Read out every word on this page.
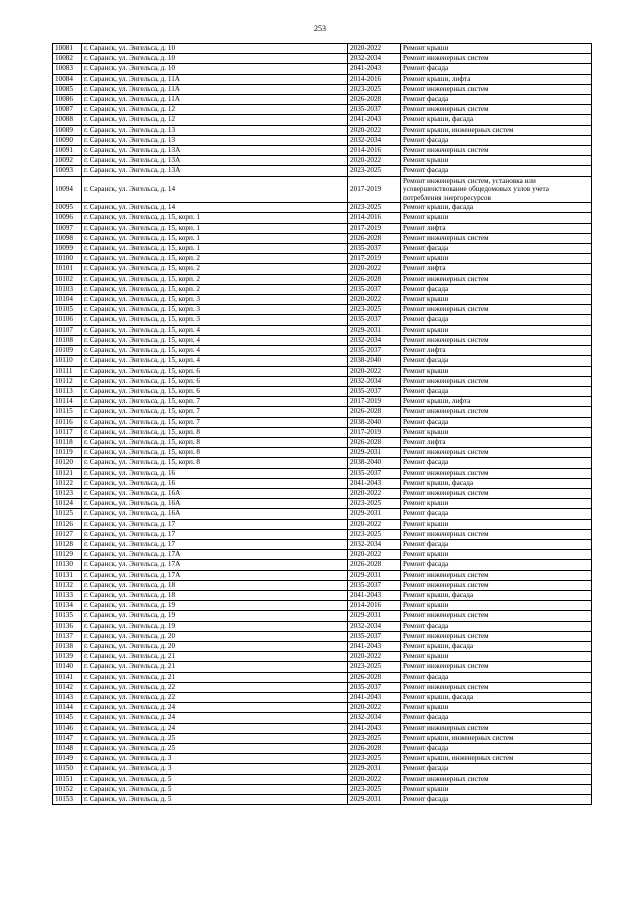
253
10081	г. Саранск, ул. Энгельса, д. 10	2020-2022	Ремонт крыши
10082	г. Саранск, ул. Энгельса, д. 10	2032-2034	Ремонт инженерных систем
10083	г. Саранск, ул. Энгельса, д. 10	2041-2043	Ремонт фасада
10084	г. Саранск, ул. Энгельса, д. 11А	2014-2016	Ремонт крыши, лифта
10085	г. Саранск, ул. Энгельса, д. 11А	2023-2025	Ремонт инженерных систем
10086	г. Саранск, ул. Энгельса, д. 11А	2026-2028	Ремонт фасада
10087	г. Саранск, ул. Энгельса, д. 12	2035-2037	Ремонт инженерных систем
10088	г. Саранск, ул. Энгельса, д. 12	2041-2043	Ремонт крыши, фасада
10089	г. Саранск, ул. Энгельса, д. 13	2020-2022	Ремонт крыши, инженерных систем
10090	г. Саранск, ул. Энгельса, д. 13	2032-2034	Ремонт фасада
10091	г. Саранск, ул. Энгельса, д. 13А	2014-2016	Ремонт инженерных систем
10092	г. Саранск, ул. Энгельса, д. 13А	2020-2022	Ремонт крыши
10093	г. Саранск, ул. Энгельса, д. 13А	2023-2025	Ремонт фасада
10094	г. Саранск, ул. Энгельса, д. 14	2017-2019	Ремонт инженерных систем, установка или усовершенствование общедомовых узлов учета потребления энергоресурсов
10095	г. Саранск, ул. Энгельса, д. 14	2023-2025	Ремонт крыши, фасада
10096	г. Саранск, ул. Энгельса, д. 15, корп. 1	2014-2016	Ремонт крыши
10097	г. Саранск, ул. Энгельса, д. 15, корп. 1	2017-2019	Ремонт лифта
10098	г. Саранск, ул. Энгельса, д. 15, корп. 1	2026-2028	Ремонт инженерных систем
10099	г. Саранск, ул. Энгельса, д. 15, корп. 1	2035-2037	Ремонт фасада
10100	г. Саранск, ул. Энгельса, д. 15, корп. 2	2017-2019	Ремонт крыши
10101	г. Саранск, ул. Энгельса, д. 15, корп. 2	2020-2022	Ремонт лифта
10102	г. Саранск, ул. Энгельса, д. 15, корп. 2	2026-2028	Ремонт инженерных систем
10103	г. Саранск, ул. Энгельса, д. 15, корп. 2	2035-2037	Ремонт фасада
10104	г. Саранск, ул. Энгельса, д. 15, корп. 3	2020-2022	Ремонт крыши
10105	г. Саранск, ул. Энгельса, д. 15, корп. 3	2023-2025	Ремонт инженерных систем
10106	г. Саранск, ул. Энгельса, д. 15, корп. 3	2035-2037	Ремонт фасада
10107	г. Саранск, ул. Энгельса, д. 15, корп. 4	2029-2031	Ремонт крыши
10108	г. Саранск, ул. Энгельса, д. 15, корп. 4	2032-2034	Ремонт инженерных систем
10109	г. Саранск, ул. Энгельса, д. 15, корп. 4	2035-2037	Ремонт лифта
10110	г. Саранск, ул. Энгельса, д. 15, корп. 4	2038-2040	Ремонт фасада
10111	г. Саранск, ул. Энгельса, д. 15, корп. 6	2020-2022	Ремонт крыши
10112	г. Саранск, ул. Энгельса, д. 15, корп. 6	2032-2034	Ремонт инженерных систем
10113	г. Саранск, ул. Энгельса, д. 15, корп. 6	2035-2037	Ремонт фасада
10114	г. Саранск, ул. Энгельса, д. 15, корп. 7	2017-2019	Ремонт крыши, лифта
10115	г. Саранск, ул. Энгельса, д. 15, корп. 7	2026-2028	Ремонт инженерных систем
10116	г. Саранск, ул. Энгельса, д. 15, корп. 7	2038-2040	Ремонт фасада
10117	г. Саранск, ул. Энгельса, д. 15, корп. 8	2017-2019	Ремонт крыши
10118	г. Саранск, ул. Энгельса, д. 15, корп. 8	2026-2028	Ремонт лифта
10119	г. Саранск, ул. Энгельса, д. 15, корп. 8	2029-2031	Ремонт инженерных систем
10120	г. Саранск, ул. Энгельса, д. 15, корп. 8	2038-2040	Ремонт фасада
10121	г. Саранск, ул. Энгельса, д. 16	2035-2037	Ремонт инженерных систем
10122	г. Саранск, ул. Энгельса, д. 16	2041-2043	Ремонт крыши, фасада
10123	г. Саранск, ул. Энгельса, д. 16А	2020-2022	Ремонт инженерных систем
10124	г. Саранск, ул. Энгельса, д. 16А	2023-2025	Ремонт крыши
10125	г. Саранск, ул. Энгельса, д. 16А	2029-2031	Ремонт фасада
10126	г. Саранск, ул. Энгельса, д. 17	2020-2022	Ремонт крыши
10127	г. Саранск, ул. Энгельса, д. 17	2023-2025	Ремонт инженерных систем
10128	г. Саранск, ул. Энгельса, д. 17	2032-2034	Ремонт фасада
10129	г. Саранск, ул. Энгельса, д. 17А	2020-2022	Ремонт крыши
10130	г. Саранск, ул. Энгельса, д. 17А	2026-2028	Ремонт фасада
10131	г. Саранск, ул. Энгельса, д. 17А	2029-2031	Ремонт инженерных систем
10132	г. Саранск, ул. Энгельса, д. 18	2035-2037	Ремонт инженерных систем
10133	г. Саранск, ул. Энгельса, д. 18	2041-2043	Ремонт крыши, фасада
10134	г. Саранск, ул. Энгельса, д. 19	2014-2016	Ремонт крыши
10135	г. Саранск, ул. Энгельса, д. 19	2029-2031	Ремонт инженерных систем
10136	г. Саранск, ул. Энгельса, д. 19	2032-2034	Ремонт фасада
10137	г. Саранск, ул. Энгельса, д. 20	2035-2037	Ремонт инженерных систем
10138	г. Саранск, ул. Энгельса, д. 20	2041-2043	Ремонт крыши, фасада
10139	г. Саранск, ул. Энгельса, д. 21	2020-2022	Ремонт крыши
10140	г. Саранск, ул. Энгельса, д. 21	2023-2025	Ремонт инженерных систем
10141	г. Саранск, ул. Энгельса, д. 21	2026-2028	Ремонт фасада
10142	г. Саранск, ул. Энгельса, д. 22	2035-2037	Ремонт инженерных систем
10143	г. Саранск, ул. Энгельса, д. 22	2041-2043	Ремонт крыши, фасада
10144	г. Саранск, ул. Энгельса, д. 24	2020-2022	Ремонт крыши
10145	г. Саранск, ул. Энгельса, д. 24	2032-2034	Ремонт фасада
10146	г. Саранск, ул. Энгельса, д. 24	2041-2043	Ремонт инженерных систем
10147	г. Саранск, ул. Энгельса, д. 25	2023-2025	Ремонт крыши, инженерных систем
10148	г. Саранск, ул. Энгельса, д. 25	2026-2028	Ремонт фасада
10149	г. Саранск, ул. Энгельса, д. 3	2023-2025	Ремонт крыши, инженерных систем
10150	г. Саранск, ул. Энгельса, д. 3	2029-2031	Ремонт фасада
10151	г. Саранск, ул. Энгельса, д. 5	2020-2022	Ремонт инженерных систем
10152	г. Саранск, ул. Энгельса, д. 5	2023-2025	Ремонт крыши
10153	г. Саранск, ул. Энгельса, д. 5	2029-2031	Ремонт фасада
